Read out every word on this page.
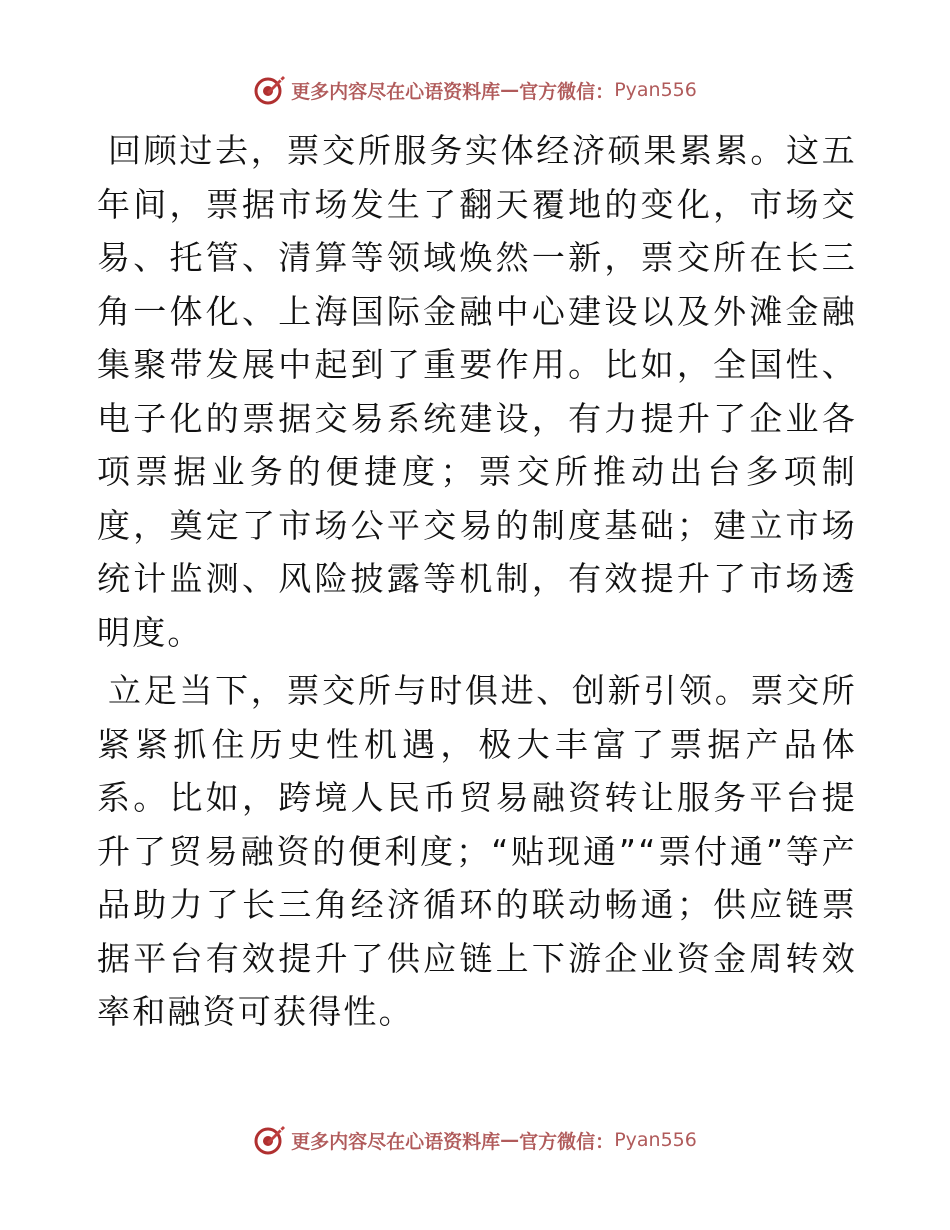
更多内容尽在心语资料库 — 官方微信： Pyan556

回顾过去，票交所服务实体经济硕果累累。这五年间，票据市场发生了翻天覆地的变化，市场交易、托管、清算等领域焕然一新，票交所在长三角一体化、上海国际金融中心建设以及外滩金融集聚带发展中起到了重要作用。比如，全国性、电子化的票据交易系统建设，有力提升了企业各项票据业务的便捷度；票交所推动出台多项制度，奠定了市场公平交易的制度基础；建立市场统计监测、风险披露等机制，有效提升了市场透明度。

立足当下，票交所与时俱进、创新引领。票交所紧紧抓住历史性机遇，极大丰富了票据产品体系。比如，跨境人民币贸易融资转让服务平台提升了贸易融资的便利度；“贴现通”“票付通”等产品助力了长三角经济循环的联动畅通；供应链票据平台有效提升了供应链上下游企业资金周转效率和融资可获得性。

更多内容尽在心语资料库 — 官方微信： Pyan556
